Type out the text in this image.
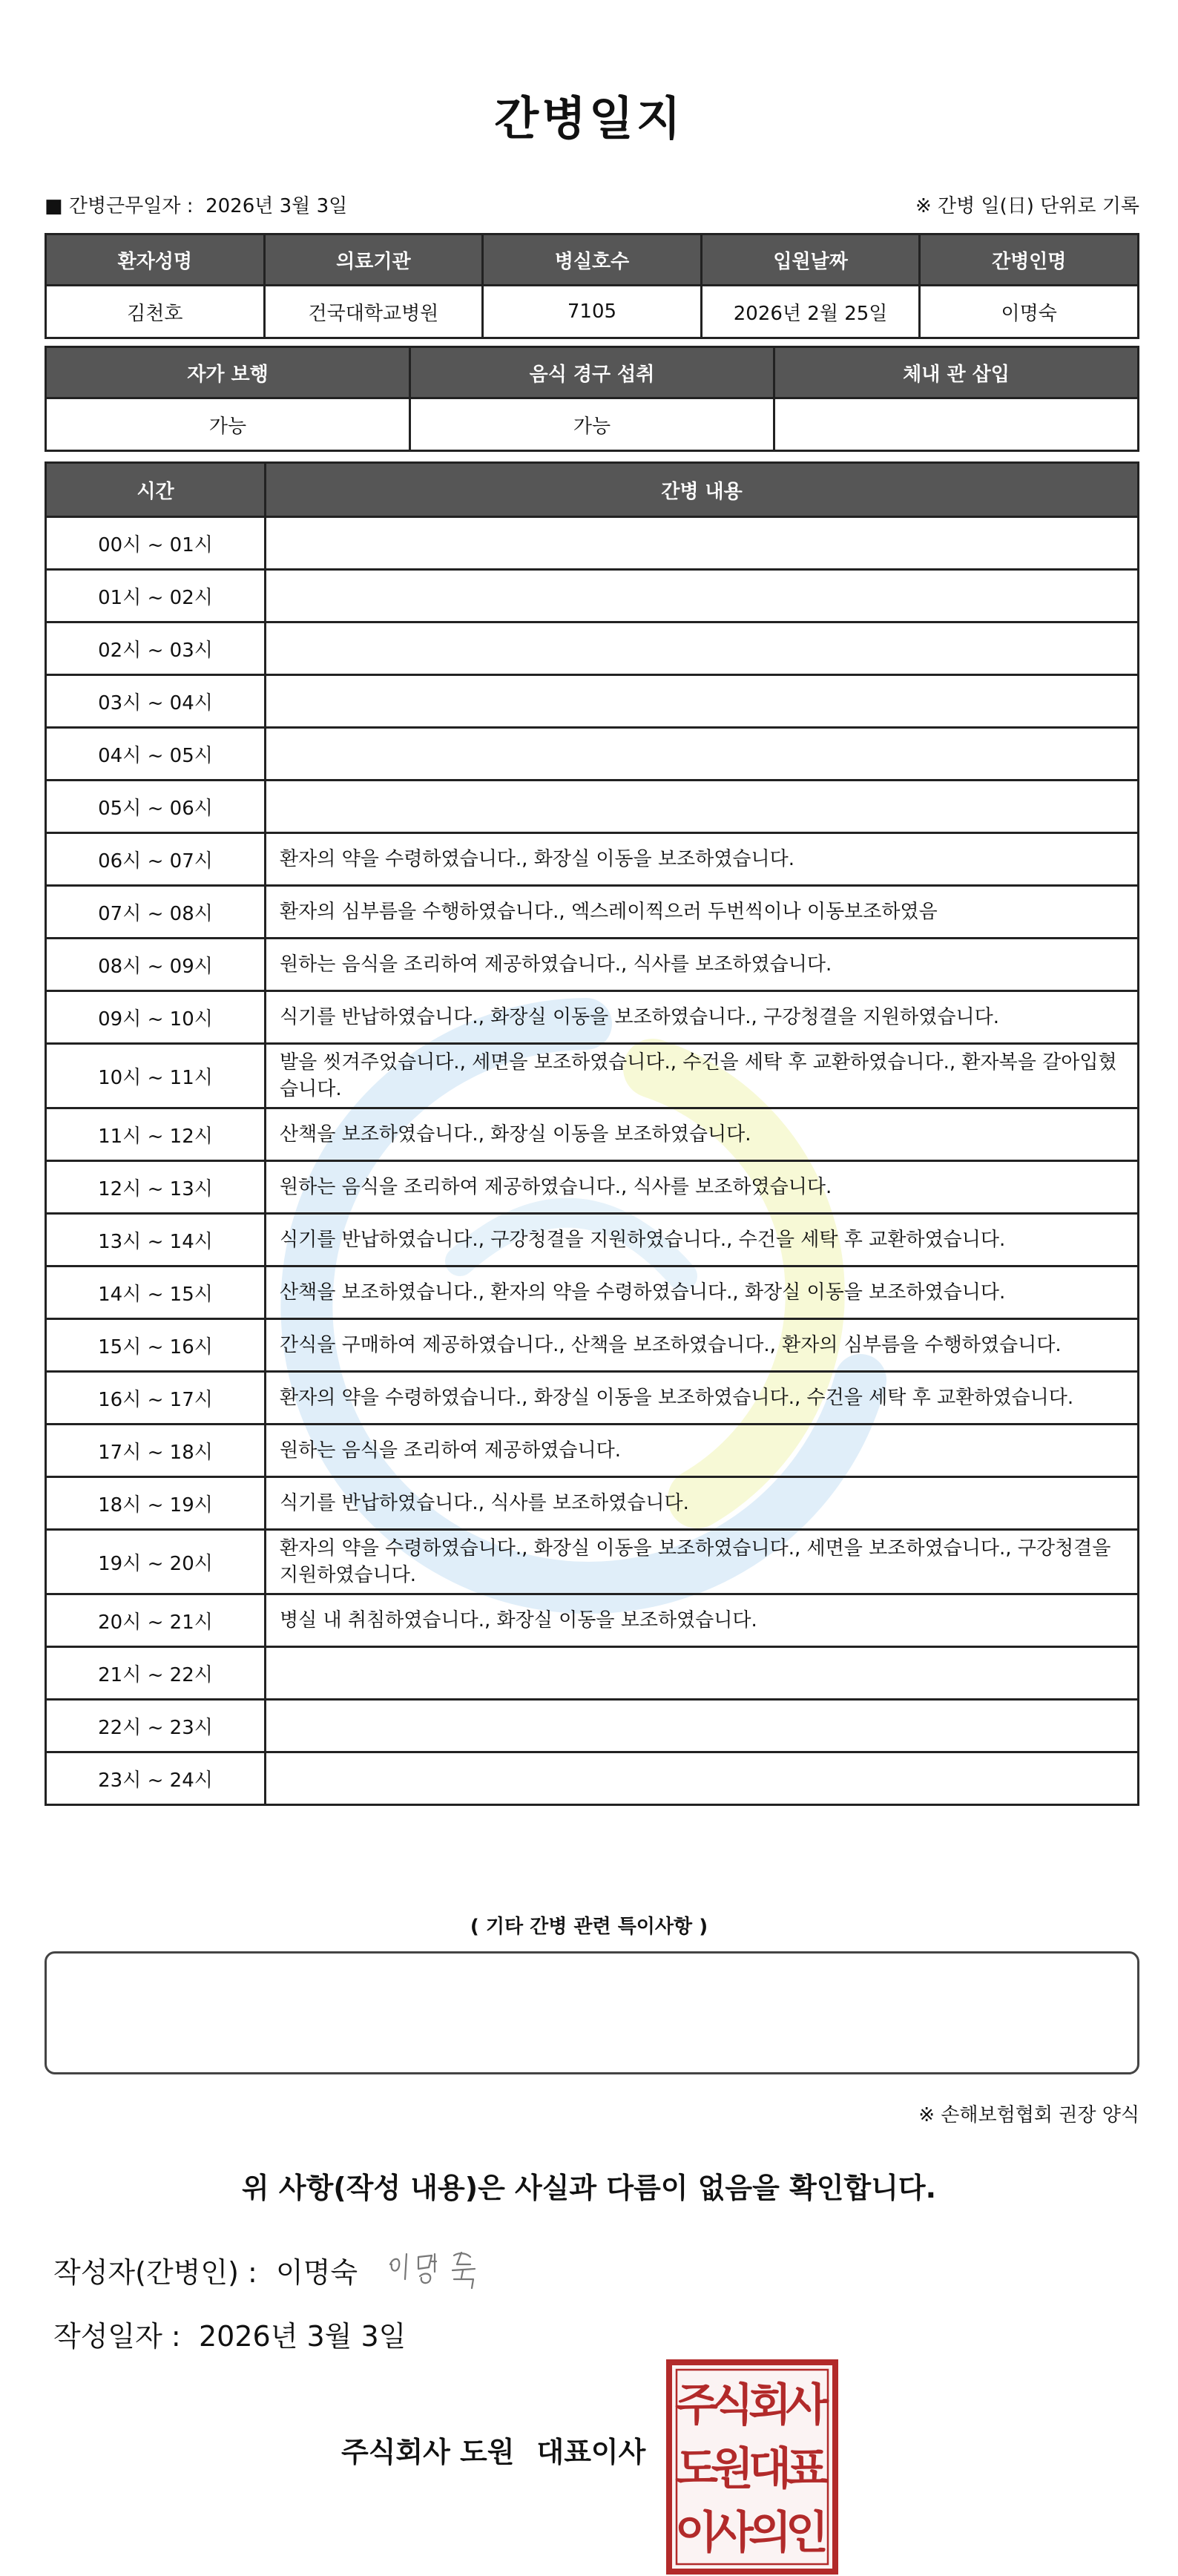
간병일지
■ 간병근무일자 : 2026년 3월 3일	※ 간병 일(日) 단위로 기록
환자성명	의료기관	병실호수	입원날짜	간병인명
김천호	건국대학교병원	7105	2026년 2월 25일	이명숙
자가 보행	음식 경구 섭취	체내 관 삽입
가능	가능	
시간	간병 내용
00시 ~ 01시	
01시 ~ 02시	
02시 ~ 03시	
03시 ~ 04시	
04시 ~ 05시	
05시 ~ 06시	
06시 ~ 07시	환자의 약을 수령하였습니다., 화장실 이동을 보조하였습니다.
07시 ~ 08시	환자의 심부름을 수행하였습니다., 엑스레이찍으러 두번씩이나 이동보조하였음
08시 ~ 09시	원하는 음식을 조리하여 제공하였습니다., 식사를 보조하였습니다.
09시 ~ 10시	식기를 반납하였습니다., 화장실 이동을 보조하였습니다., 구강청결을 지원하였습니다.
10시 ~ 11시	발을 씻겨주었습니다., 세면을 보조하였습니다., 수건을 세탁 후 교환하였습니다., 환자복을 갈아입혔습니다.
11시 ~ 12시	산책을 보조하였습니다., 화장실 이동을 보조하였습니다.
12시 ~ 13시	원하는 음식을 조리하여 제공하였습니다., 식사를 보조하였습니다.
13시 ~ 14시	식기를 반납하였습니다., 구강청결을 지원하였습니다., 수건을 세탁 후 교환하였습니다.
14시 ~ 15시	산책을 보조하였습니다., 환자의 약을 수령하였습니다., 화장실 이동을 보조하였습니다.
15시 ~ 16시	간식을 구매하여 제공하였습니다., 산책을 보조하였습니다., 환자의 심부름을 수행하였습니다.
16시 ~ 17시	환자의 약을 수령하였습니다., 화장실 이동을 보조하였습니다., 수건을 세탁 후 교환하였습니다.
17시 ~ 18시	원하는 음식을 조리하여 제공하였습니다.
18시 ~ 19시	식기를 반납하였습니다., 식사를 보조하였습니다.
19시 ~ 20시	환자의 약을 수령하였습니다., 화장실 이동을 보조하였습니다., 세면을 보조하였습니다., 구강청결을 지원하였습니다.
20시 ~ 21시	병실 내 취침하였습니다., 화장실 이동을 보조하였습니다.
21시 ~ 22시	
22시 ~ 23시	
23시 ~ 24시	
( 기타 간병 관련 특이사항 )
※ 손해보험협회 권장 양식
위 사항(작성 내용)은 사실과 다름이 없음을 확인합니다.
작성자(간병인) : 이명숙
작성일자 : 2026년 3월 3일
주식회사 도원 대표이사
주
식
회
사
도
원
대
표
이
사
의
인
